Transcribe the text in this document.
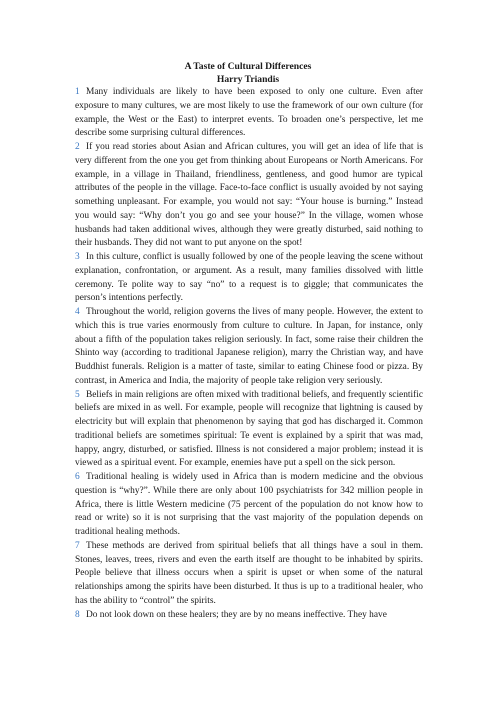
A Taste of Cultural Differences
Harry Triandis

1 Many individuals are likely to have been exposed to only one culture. Even after exposure to many cultures, we are most likely to use the framework of our own culture (for example, the West or the East) to interpret events. To broaden one’s perspective, let me describe some surprising cultural differences.

2 If you read stories about Asian and African cultures, you will get an idea of life that is very different from the one you get from thinking about Europeans or North Americans. For example, in a village in Thailand, friendliness, gentleness, and good humor are typical attributes of the people in the village. Face-to-face conflict is usually avoided by not saying something unpleasant. For example, you would not say: “Your house is burning.” Instead you would say: “Why don’t you go and see your house?” In the village, women whose husbands had taken additional wives, although they were greatly disturbed, said nothing to their husbands. They did not want to put anyone on the spot!

3 In this culture, conflict is usually followed by one of the people leaving the scene without explanation, confrontation, or argument. As a result, many families dissolved with little ceremony. Te polite way to say “no” to a request is to giggle; that communicates the person’s intentions perfectly.

4 Throughout the world, religion governs the lives of many people. However, the extent to which this is true varies enormously from culture to culture. In Japan, for instance, only about a fifth of the population takes religion seriously. In fact, some raise their children the Shinto way (according to traditional Japanese religion), marry the Christian way, and have Buddhist funerals. Religion is a matter of taste, similar to eating Chinese food or pizza. By contrast, in America and India, the majority of people take religion very seriously.

5 Beliefs in main religions are often mixed with traditional beliefs, and frequently scientific beliefs are mixed in as well. For example, people will recognize that lightning is caused by electricity but will explain that phenomenon by saying that god has discharged it. Common traditional beliefs are sometimes spiritual: Te event is explained by a spirit that was mad, happy, angry, disturbed, or satisfied. Illness is not considered a major problem; instead it is viewed as a spiritual event. For example, enemies have put a spell on the sick person.

6 Traditional healing is widely used in Africa than is modern medicine and the obvious question is “why?”. While there are only about 100 psychiatrists for 342 million people in Africa, there is little Western medicine (75 percent of the population do not know how to read or write) so it is not surprising that the vast majority of the population depends on traditional healing methods.

7 These methods are derived from spiritual beliefs that all things have a soul in them. Stones, leaves, trees, rivers and even the earth itself are thought to be inhabited by spirits. People believe that illness occurs when a spirit is upset or when some of the natural relationships among the spirits have been disturbed. It thus is up to a traditional healer, who has the ability to “control” the spirits.

8 Do not look down on these healers; they are by no means ineffective. They have
